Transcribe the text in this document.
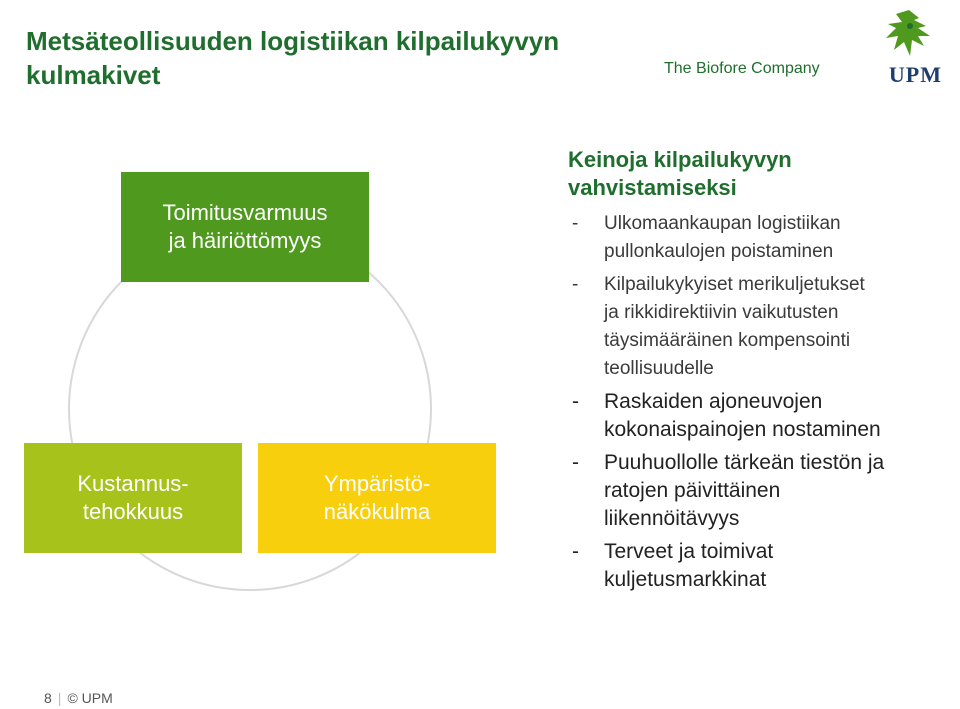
Metsäteollisuuden logistiikan kilpailukyvyn kulmakivet	The Biofore Company	UPM
Toimitusvarmuus
ja häiriöttömyys
Kustannus-
tehokkuus
Ympäristö-
näkökulma
Keinoja kilpailukyvyn
vahvistamiseksi
- Ulkomaankaupan logistiikan
pullonkaulojen poistaminen
- Kilpailukykyiset merikuljetukset
ja rikkidirektiivin vaikutusten
täysimääräinen kompensointi
teollisuudelle
- Raskaiden ajoneuvojen
kokonaispainojen nostaminen
- Puuhuollolle tärkeän tiestön ja
ratojen päivittäinen
liikennöitävyys
- Terveet ja toimivat
kuljetusmarkkinat
8 | © UPM
